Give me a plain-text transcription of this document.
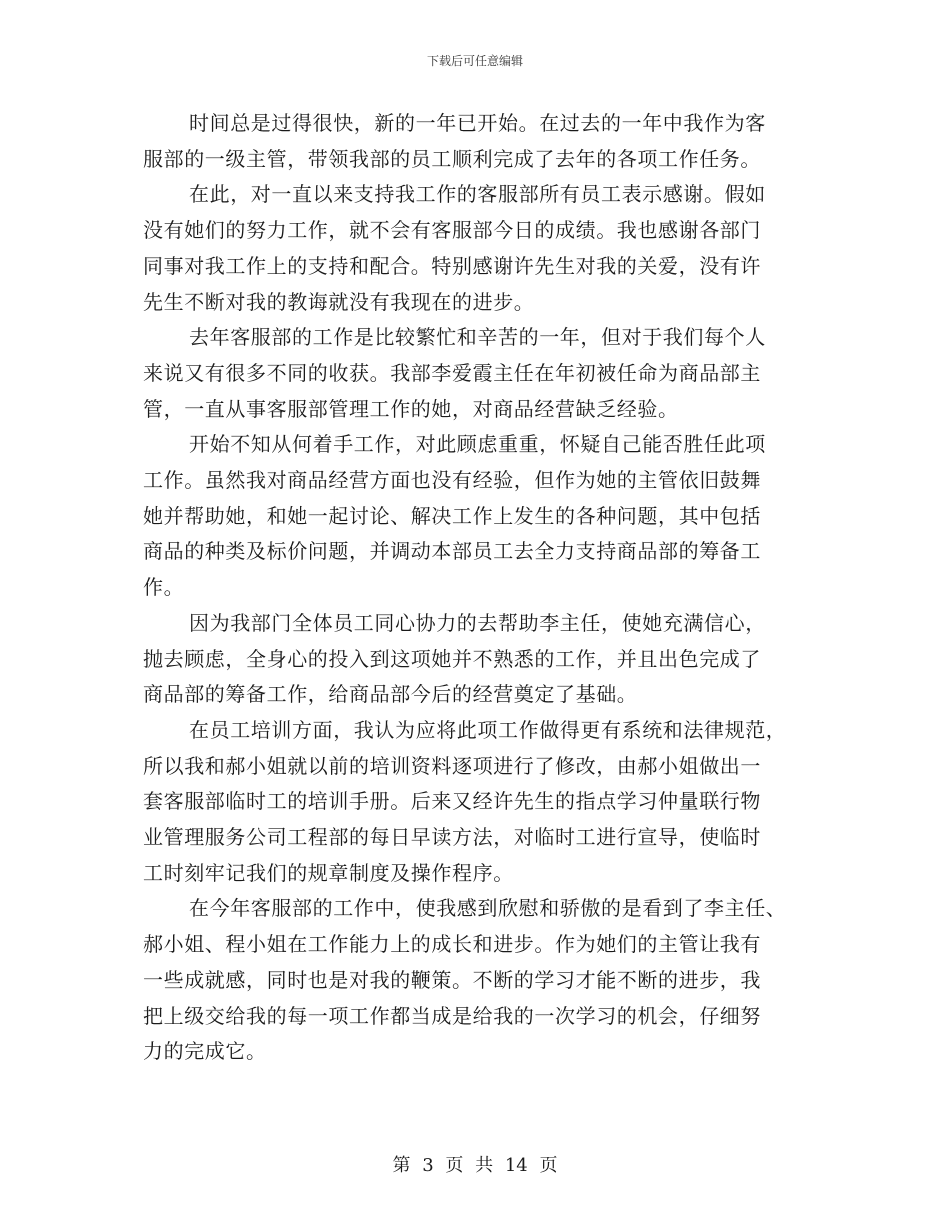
下载后可任意编辑

时间总是过得很快，新的一年已开始。在过去的一年中我作为客
服部的一级主管，带领我部的员工顺利完成了去年的各项工作任务。

在此，对一直以来支持我工作的客服部所有员工表示感谢。假如
没有她们的努力工作，就不会有客服部今日的成绩。我也感谢各部门
同事对我工作上的支持和配合。特别感谢许先生对我的关爱，没有许
先生不断对我的教诲就没有我现在的进步。

去年客服部的工作是比较繁忙和辛苦的一年，但对于我们每个人
来说又有很多不同的收获。我部李爱霞主任在年初被任命为商品部主
管，一直从事客服部管理工作的她，对商品经营缺乏经验。

开始不知从何着手工作，对此顾虑重重，怀疑自己能否胜任此项
工作。虽然我对商品经营方面也没有经验，但作为她的主管依旧鼓舞
她并帮助她，和她一起讨论、解决工作上发生的各种问题，其中包括
商品的种类及标价问题，并调动本部员工去全力支持商品部的筹备工
作。

因为我部门全体员工同心协力的去帮助李主任，使她充满信心，
抛去顾虑，全身心的投入到这项她并不熟悉的工作，并且出色完成了
商品部的筹备工作，给商品部今后的经营奠定了基础。

在员工培训方面，我认为应将此项工作做得更有系统和法律规范，
所以我和郝小姐就以前的培训资料逐项进行了修改，由郝小姐做出一
套客服部临时工的培训手册。后来又经许先生的指点学习仲量联行物
业管理服务公司工程部的每日早读方法，对临时工进行宣导，使临时
工时刻牢记我们的规章制度及操作程序。

在今年客服部的工作中，使我感到欣慰和骄傲的是看到了李主任、
郝小姐、程小姐在工作能力上的成长和进步。作为她们的主管让我有
一些成就感，同时也是对我的鞭策。不断的学习才能不断的进步，我
把上级交给我的每一项工作都当成是给我的一次学习的机会，仔细努
力的完成它。

第 3 页 共 14 页
